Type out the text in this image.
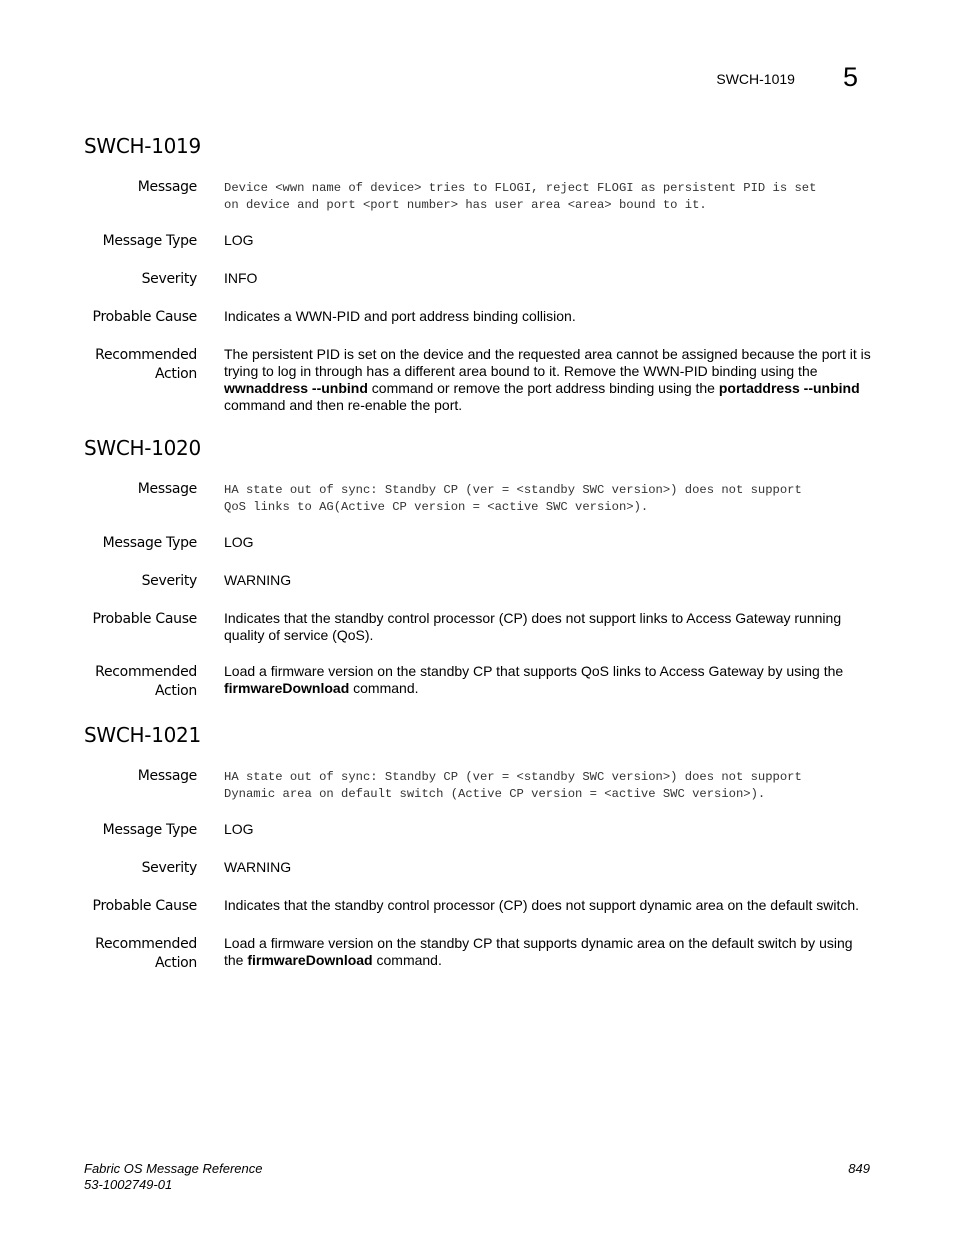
SWCH-1019 5
SWCH-1019
Message Device <wwn name of device> tries to FLOGI, reject FLOGI as persistent PID is set
on device and port <port number> has user area <area> bound to it.
Message Type LOG
Severity INFO
Probable Cause Indicates a WWN-PID and port address binding collision.
Recommended
Action
The persistent PID is set on the device and the requested area cannot be assigned because the port it is trying to log in through has a different area bound to it. Remove the WWN-PID binding using the wwnaddress --unbind command or remove the port address binding using the portaddress --unbind command and then re-enable the port.
SWCH-1020
Message HA state out of sync: Standby CP (ver = <standby SWC version>) does not support
QoS links to AG(Active CP version = <active SWC version>).
Message Type LOG
Severity WARNING
Probable Cause Indicates that the standby control processor (CP) does not support links to Access Gateway running quality of service (QoS).
Recommended
Action
Load a firmware version on the standby CP that supports QoS links to Access Gateway by using the firmwareDownload command.
SWCH-1021
Message HA state out of sync: Standby CP (ver = <standby SWC version>) does not support
Dynamic area on default switch (Active CP version = <active SWC version>).
Message Type LOG
Severity WARNING
Probable Cause Indicates that the standby control processor (CP) does not support dynamic area on the default switch.
Recommended
Action
Load a firmware version on the standby CP that supports dynamic area on the default switch by using the firmwareDownload command.
Fabric OS Message Reference
53-1002749-01
849
